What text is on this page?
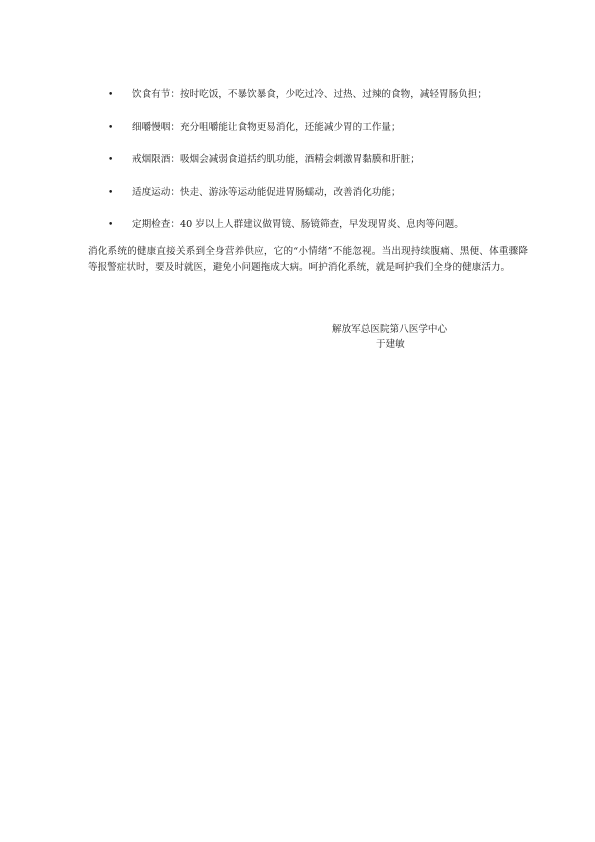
•	饮食有节：按时吃饭，不暴饮暴食，少吃过冷、过热、过辣的食物，减轻胃肠负担；
•	细嚼慢咽：充分咀嚼能让食物更易消化，还能减少胃的工作量；
•	戒烟限酒：吸烟会减弱食道括约肌功能，酒精会刺激胃黏膜和肝脏；
•	适度运动：快走、游泳等运动能促进胃肠蠕动，改善消化功能；
•	定期检查：40 岁以上人群建议做胃镜、肠镜筛查，早发现胃炎、息肉等问题。

消化系统的健康直接关系到全身营养供应，它的“小情绪”不能忽视。当出现持续腹痛、黑便、体重骤降等报警症状时，要及时就医，避免小问题拖成大病。呵护消化系统，就是呵护我们全身的健康活力。

解放军总医院第八医学中心
于建敏
